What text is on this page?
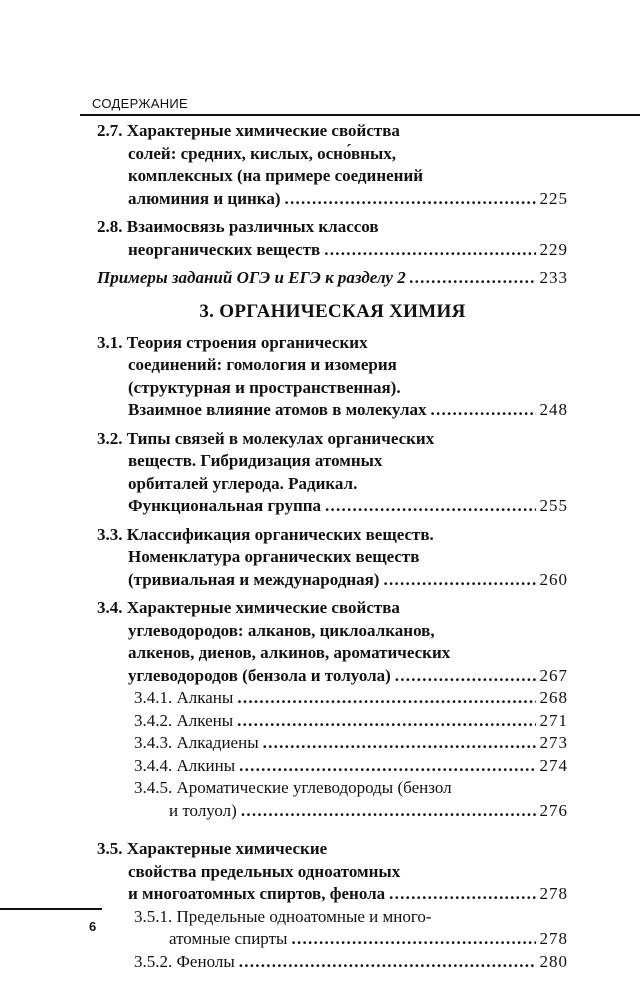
СОДЕРЖАНИЕ
2.7. Характерные химические свойства
солей: средних, кислых, осно́вных,
комплексных (на примере соединений
алюминия и цинка) . . .	225
2.8. Взаимосвязь различных классов
неорганических веществ . . .	229
Примеры заданий ОГЭ и ЕГЭ к разделу 2 . . .	233
3. ОРГАНИЧЕСКАЯ ХИМИЯ
3.1. Теория строения органических
соединений: гомология и изомерия
(структурная и пространственная).
Взаимное влияние атомов в молекулах . . .	248
3.2. Типы связей в молекулах органических
веществ. Гибридизация атомных
орбиталей углерода. Радикал.
Функциональная группа . . .	255
3.3. Классификация органических веществ.
Номенклатура органических веществ
(тривиальная и международная) . . .	260
3.4. Характерные химические свойства
углеводородов: алканов, циклоалканов,
алкенов, диенов, алкинов, ароматических
углеводородов (бензола и толуола) . . .	267
3.4.1. Алканы . . .	268
3.4.2. Алкены . . .	271
3.4.3. Алкадиены . . .	273
3.4.4. Алкины . . .	274
3.4.5. Ароматические углеводороды (бензол
и толуол) . . .	276
3.5. Характерные химические
свойства предельных одноатомных
и многоатомных спиртов, фенола . . .	278
3.5.1. Предельные одноатомные и много-
атомные спирты . . .	278
3.5.2. Фенолы . . .	280
6
